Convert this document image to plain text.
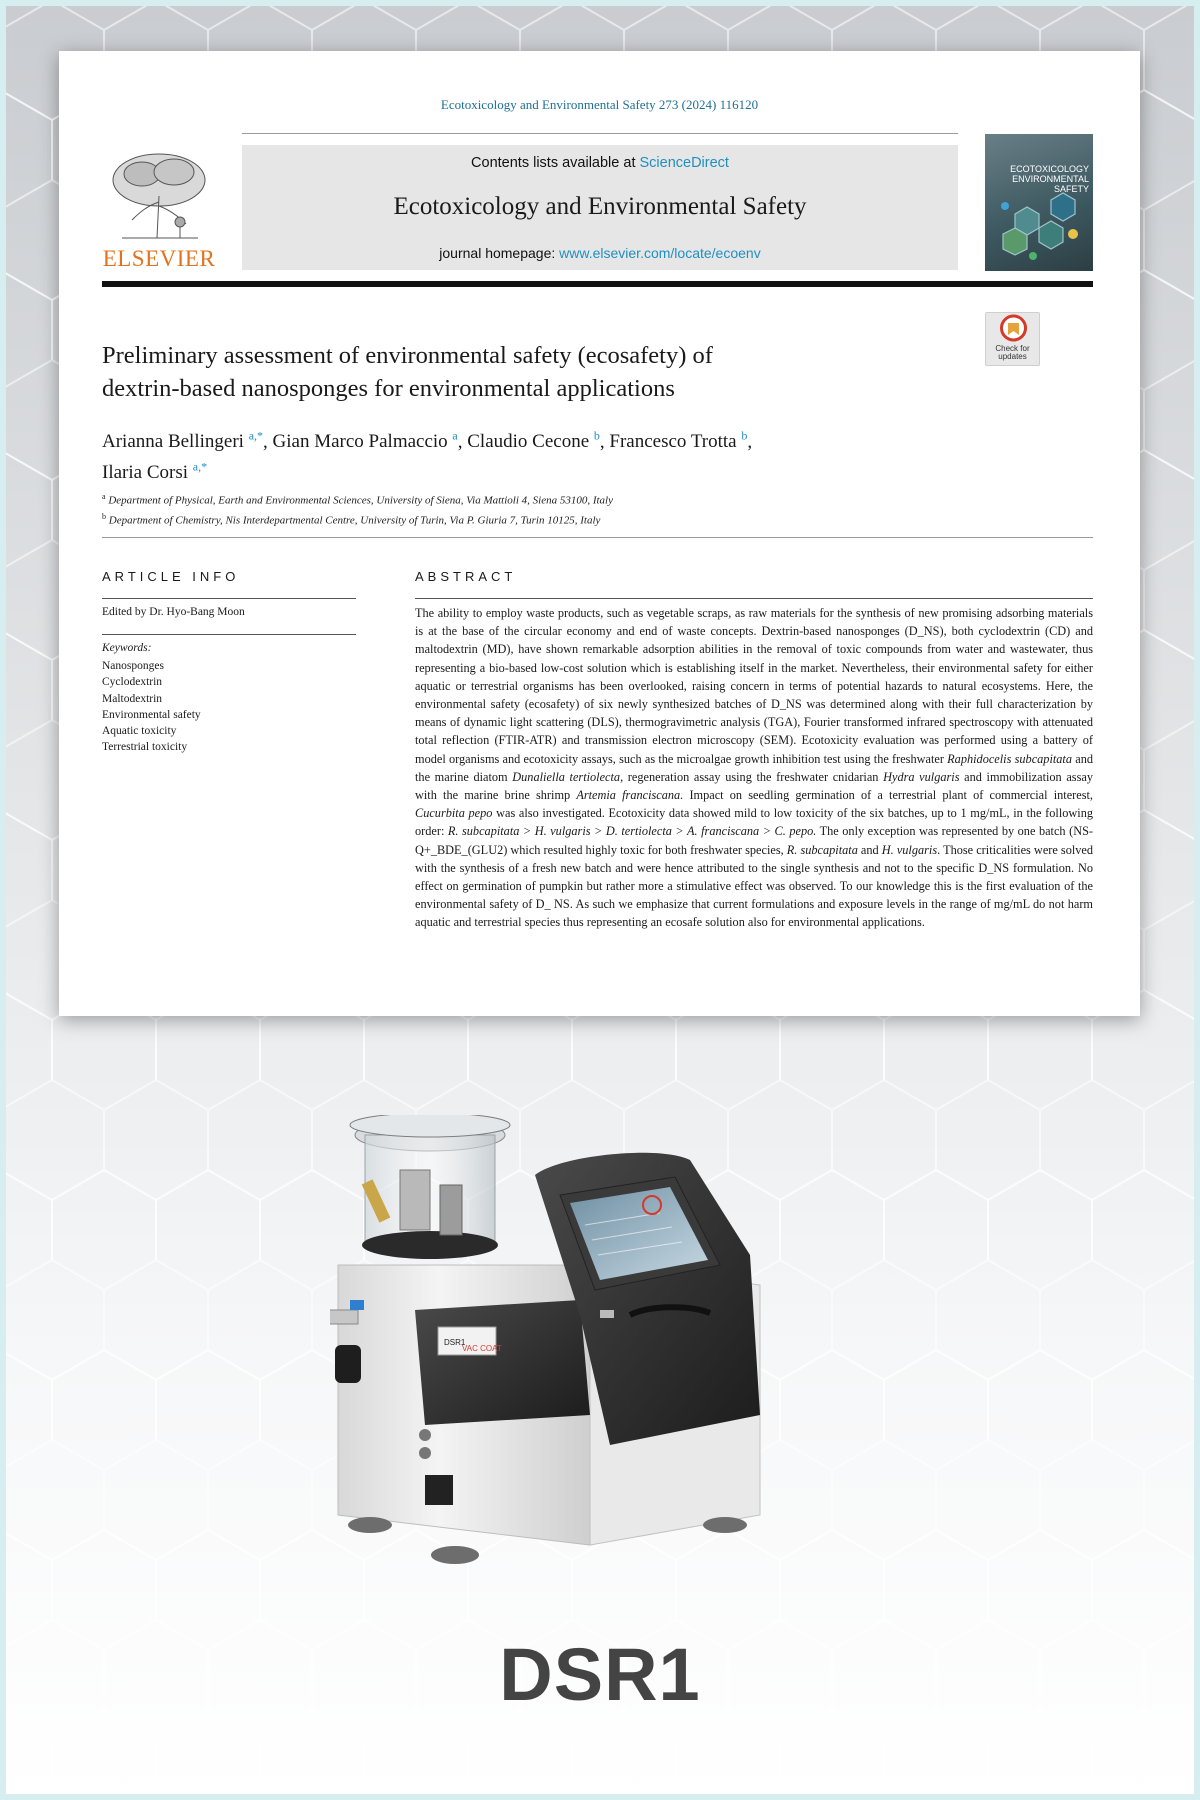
Ecotoxicology and Environmental Safety 273 (2024) 116120
ELSEVIER
Contents lists available at ScienceDirect
Ecotoxicology and Environmental Safety
journal homepage: www.elsevier.com/locate/ecoenv
ECOTOXICOLOGY
ENVIRONMENTAL
SAFETY
Check for
updates
Preliminary assessment of environmental safety (ecosafety) of
dextrin-based nanosponges for environmental applications
Arianna Bellingeri $^{a,*}$, Gian Marco Palmaccio $^a$, Claudio Cecone $^b$, Francesco Trotta $^b$,
Ilaria Corsi $^{a,*}$
$^a$ Department of Physical, Earth and Environmental Sciences, University of Siena, Via Mattioli 4, Siena 53100, Italy
$^b$ Department of Chemistry, Nis Interdepartmental Centre, University of Turin, Via P. Giuria 7, Turin 10125, Italy
ARTICLE INFO
Edited by Dr. Hyo-Bang Moon
Keywords:
Nanosponges
Cyclodextrin
Maltodextrin
Environmental safety
Aquatic toxicity
Terrestrial toxicity
ABSTRACT
The ability to employ waste products, such as vegetable scraps, as raw materials for the synthesis of new promising adsorbing materials is at the base of the circular economy and end of waste concepts. Dextrin-based nanosponges (D_NS), both cyclodextrin (CD) and maltodextrin (MD), have shown remarkable adsorption abilities in the removal of toxic compounds from water and wastewater, thus representing a bio-based low-cost solution which is establishing itself in the market. Nevertheless, their environmental safety for either aquatic or terrestrial organisms has been overlooked, raising concern in terms of potential hazards to natural ecosystems. Here, the environmental safety (ecosafety) of six newly synthesized batches of D_NS was determined along with their full characterization by means of dynamic light scattering (DLS), thermogravimetric analysis (TGA), Fourier transformed infrared spectroscopy with attenuated total reflection (FTIR-ATR) and transmission electron microscopy (SEM). Ecotoxicity evaluation was performed using a battery of model organisms and ecotoxicity assays, such as the microalgae growth inhibition test using the freshwater Raphidocelis subcapitata and the marine diatom Dunaliella tertiolecta, regeneration assay using the freshwater cnidarian Hydra vulgaris and immobilization assay with the marine brine shrimp Artemia franciscana. Impact on seedling germination of a terrestrial plant of commercial interest, Cucurbita pepo was also investigated. Ecotoxicity data showed mild to low toxicity of the six batches, up to 1 mg/mL, in the following order: R. subcapitata > H. vulgaris > D. tertiolecta > A. franciscana > C. pepo. The only exception was represented by one batch (NS-Q+_BDE_(GLU2) which resulted highly toxic for both freshwater species, R. subcapitata and H. vulgaris. Those criticalities were solved with the synthesis of a fresh new batch and were hence attributed to the single synthesis and not to the specific D_NS formulation. No effect on germination of pumpkin but rather more a stimulative effect was observed. To our knowledge this is the first evaluation of the environmental safety of D_ NS. As such we emphasize that current formulations and exposure levels in the range of mg/mL do not harm aquatic and terrestrial species thus representing an ecosafe solution also for environmental applications.
DSR1
VAC COAT
DSR1
